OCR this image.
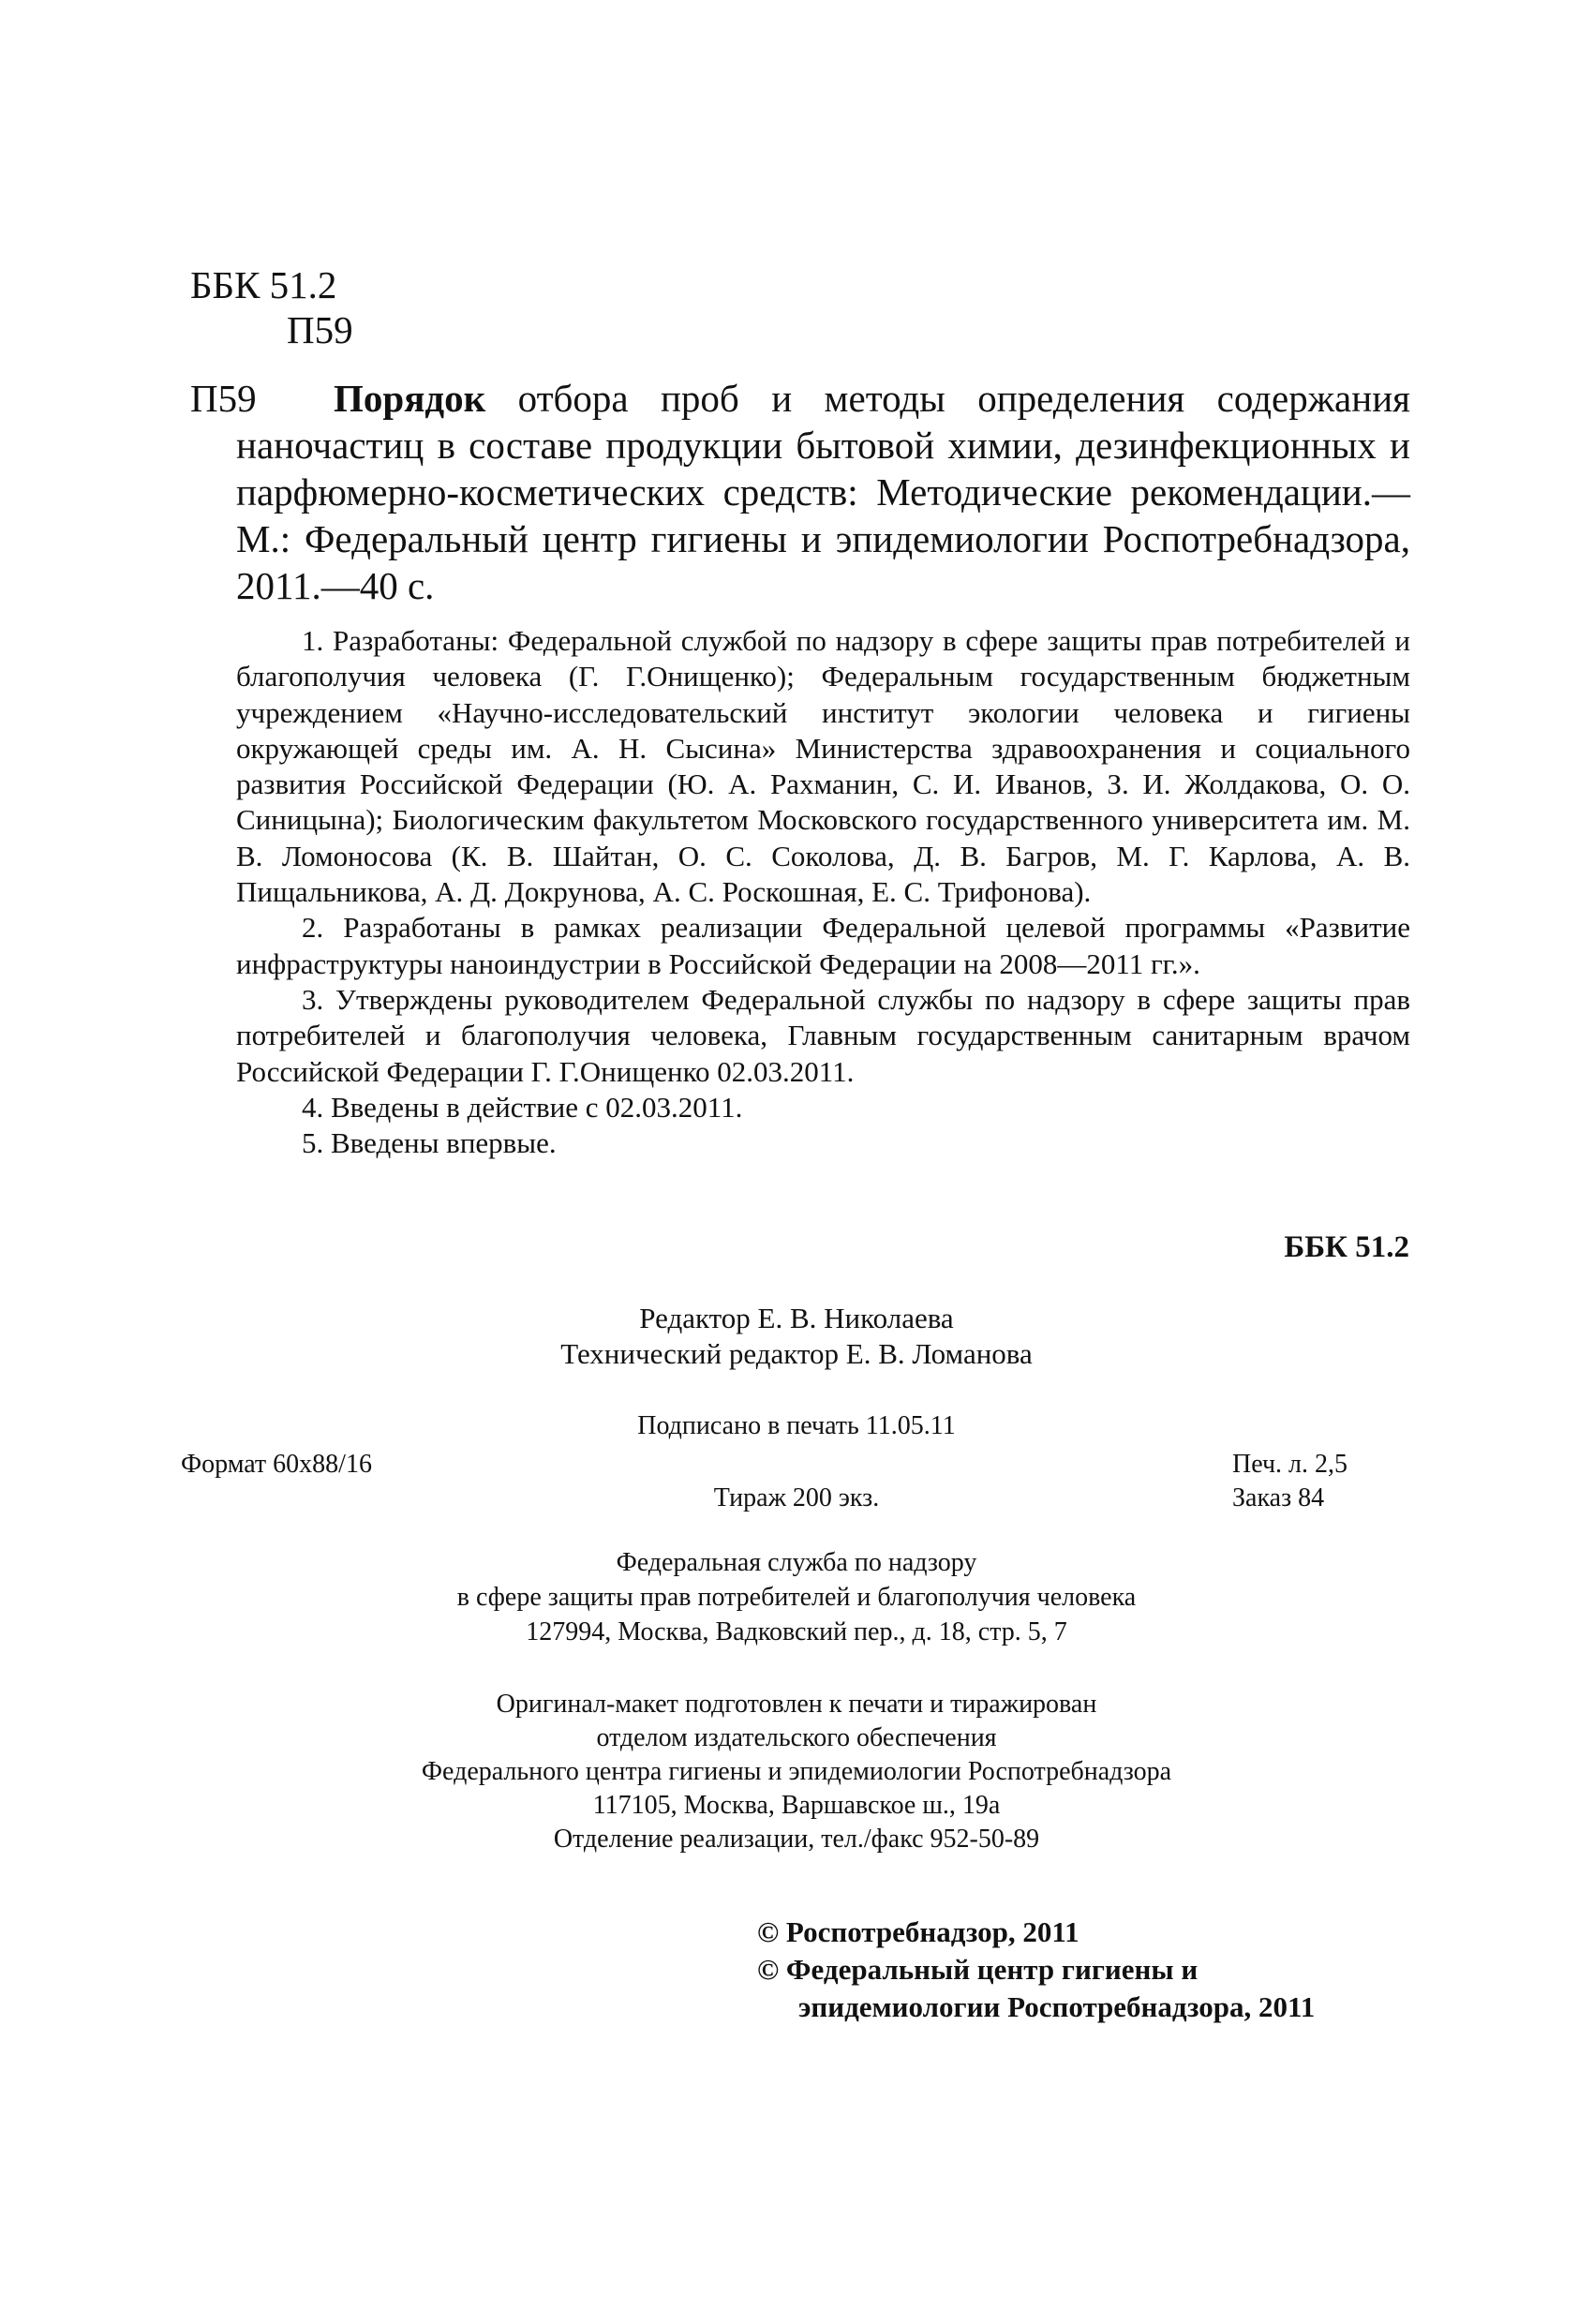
ББК 51.2
П59
П59	Порядок отбора проб и методы определения содержания наночастиц в составе продукции бытовой химии, дезинфекционных и парфюмерно-косметических средств: Методические рекомендации.—М.: Федеральный центр гигиены и эпидемиологии Роспотребнадзора, 2011.—40 с.

1. Разработаны: Федеральной службой по надзору в сфере защиты прав потребителей и благополучия человека (Г. Г.Онищенко); Федеральным государственным бюджетным учреждением «Научно-исследовательский институт экологии человека и гигиены окружающей среды им. А. Н. Сысина» Министерства здравоохранения и социального развития Российской Федерации (Ю. А. Рахманин, С. И. Иванов, З. И. Жолдакова, О. О. Синицына); Биологическим факультетом Московского государственного университета им. М. В. Ломоносова (К. В. Шайтан, О. С. Соколова, Д. В. Багров, М. Г. Карлова, А. В. Пищальникова, А. Д. Докрунова, А. С. Роскошная, Е. С. Трифонова).

2. Разработаны в рамках реализации Федеральной целевой программы «Развитие инфраструктуры наноиндустрии в Российской Федерации на 2008—2011 гг.».

3. Утверждены руководителем Федеральной службы по надзору в сфере защиты прав потребителей и благополучия человека, Главным государственным санитарным врачом Российской Федерации Г. Г.Онищенко 02.03.2011.

4. Введены в действие с 02.03.2011.

5. Введены впервые.

ББК 51.2
Редактор Е. В. Николаева
Технический редактор Е. В. Ломанова
Подписано в печать 11.05.11
Формат 60x88/16	Печ. л. 2,5
Тираж 200 экз.	Заказ 84
Федеральная служба по надзору
в сфере защиты прав потребителей и благополучия человека
127994, Москва, Вадковский пер., д. 18, стр. 5, 7
Оригинал-макет подготовлен к печати и тиражирован
отделом издательского обеспечения
Федерального центра гигиены и эпидемиологии Роспотребнадзора
117105, Москва, Варшавское ш., 19а
Отделение реализации, тел./факс 952-50-89
© Роспотребнадзор, 2011
© Федеральный центр гигиены и
эпидемиологии Роспотребнадзора, 2011
